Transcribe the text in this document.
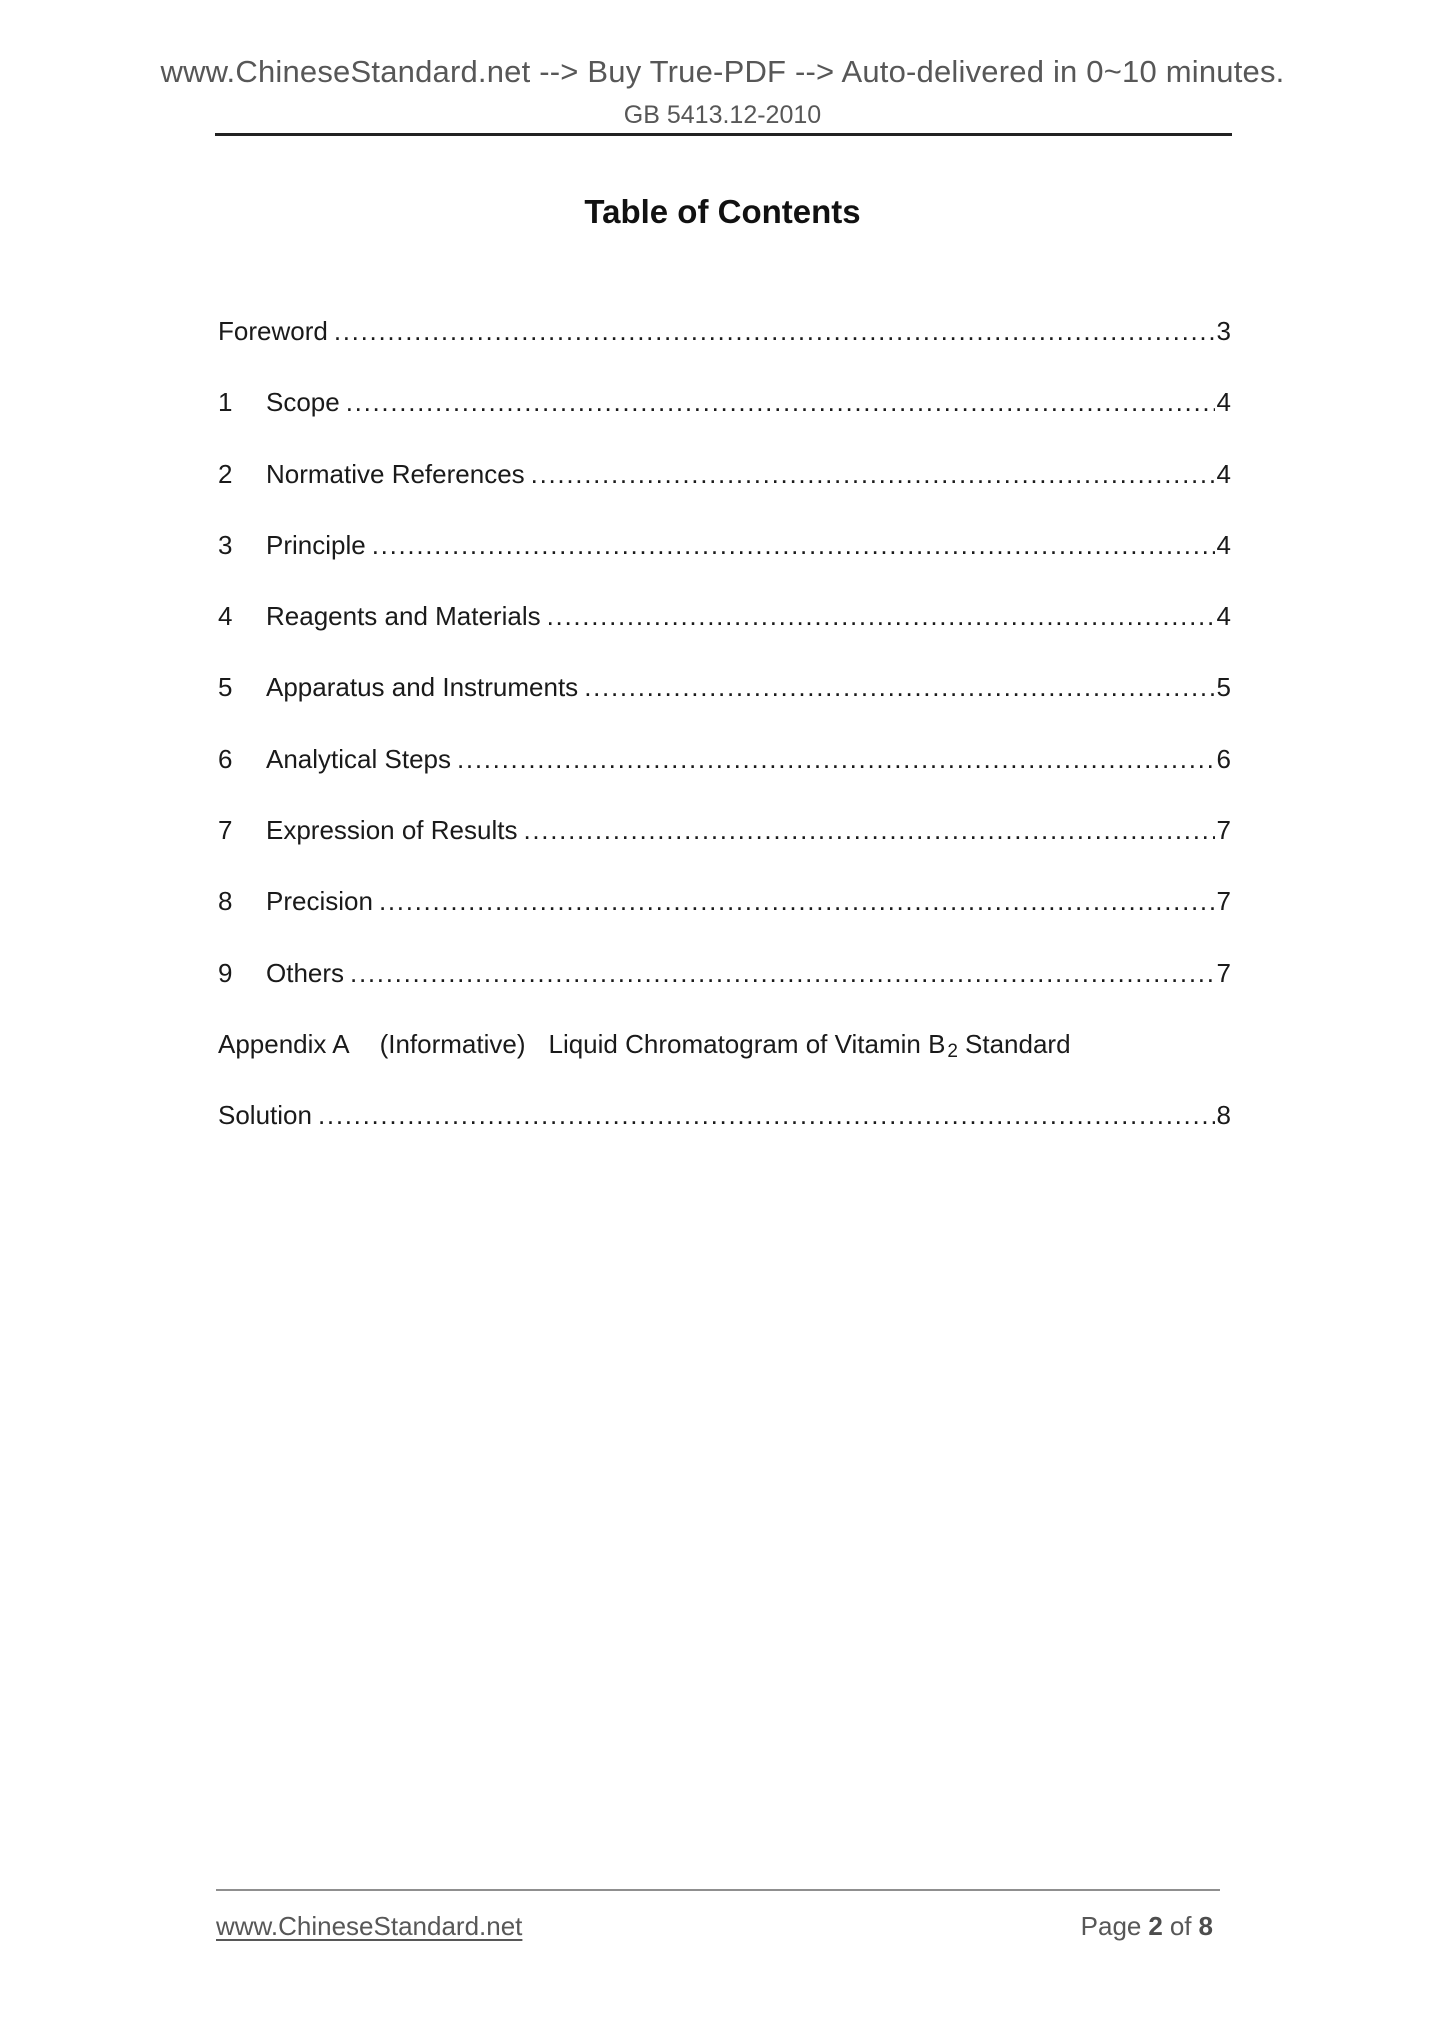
www.ChineseStandard.net --> Buy True-PDF --> Auto-delivered in 0~10 minutes.
GB 5413.12-2010
Table of Contents
Foreword .....	3
1	Scope .....	4
2	Normative References .....	4
3	Principle .....	4
4	Reagents and Materials .....	4
5	Apparatus and Instruments .....	5
6	Analytical Steps .....	6
7	Expression of Results .....	7
8	Precision .....	7
9	Others .....	7
Appendix A (Informative) Liquid Chromatogram of Vitamin B 2 Standard
Solution .....	8
www.ChineseStandard.net	Page 2 of 8
